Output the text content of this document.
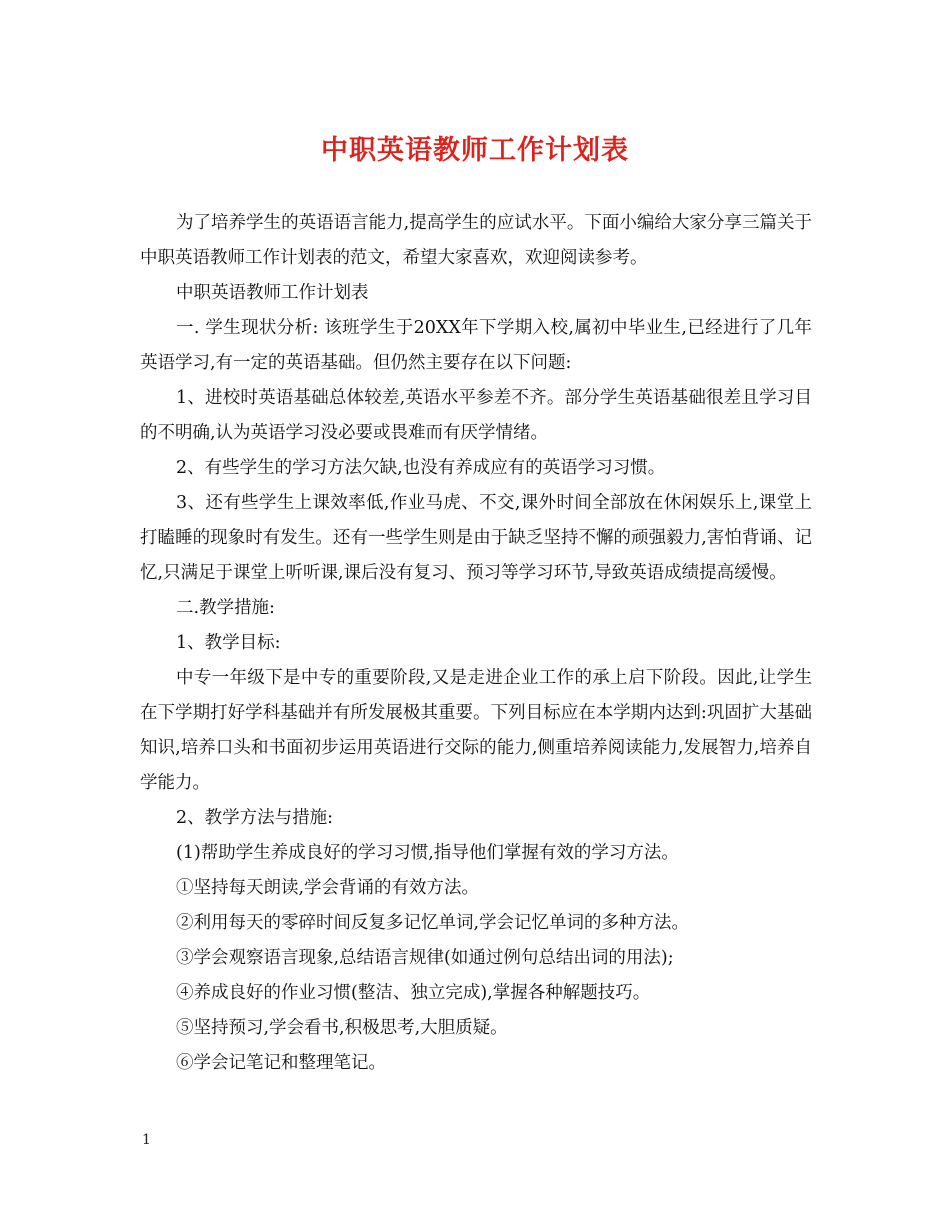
中职英语教师工作计划表

为了培养学生的英语语言能力,提高学生的应试水平。下面小编给大家分享三篇关于中职英语教师工作计划表的范文，希望大家喜欢，欢迎阅读参考。

中职英语教师工作计划表

一. 学生现状分析: 该班学生于20XX年下学期入校,属初中毕业生,已经进行了几年英语学习,有一定的英语基础。但仍然主要存在以下问题:

1、进校时英语基础总体较差,英语水平参差不齐。部分学生英语基础很差且学习目的不明确,认为英语学习没必要或畏难而有厌学情绪。

2、有些学生的学习方法欠缺,也没有养成应有的英语学习习惯。

3、还有些学生上课效率低,作业马虎、不交,课外时间全部放在休闲娱乐上,课堂上打瞌睡的现象时有发生。还有一些学生则是由于缺乏坚持不懈的顽强毅力,害怕背诵、记忆,只满足于课堂上听听课,课后没有复习、预习等学习环节,导致英语成绩提高缓慢。

二.教学措施:

1、教学目标:

中专一年级下是中专的重要阶段,又是走进企业工作的承上启下阶段。因此,让学生在下学期打好学科基础并有所发展极其重要。下列目标应在本学期内达到:巩固扩大基础知识,培养口头和书面初步运用英语进行交际的能力,侧重培养阅读能力,发展智力,培养自学能力。

2、教学方法与措施:

(1)帮助学生养成良好的学习习惯,指导他们掌握有效的学习方法。

①坚持每天朗读,学会背诵的有效方法。

②利用每天的零碎时间反复多记忆单词,学会记忆单词的多种方法。

③学会观察语言现象,总结语言规律(如通过例句总结出词的用法);

④养成良好的作业习惯(整洁、独立完成),掌握各种解题技巧。

⑤坚持预习,学会看书,积极思考,大胆质疑。

⑥学会记笔记和整理笔记。

1
